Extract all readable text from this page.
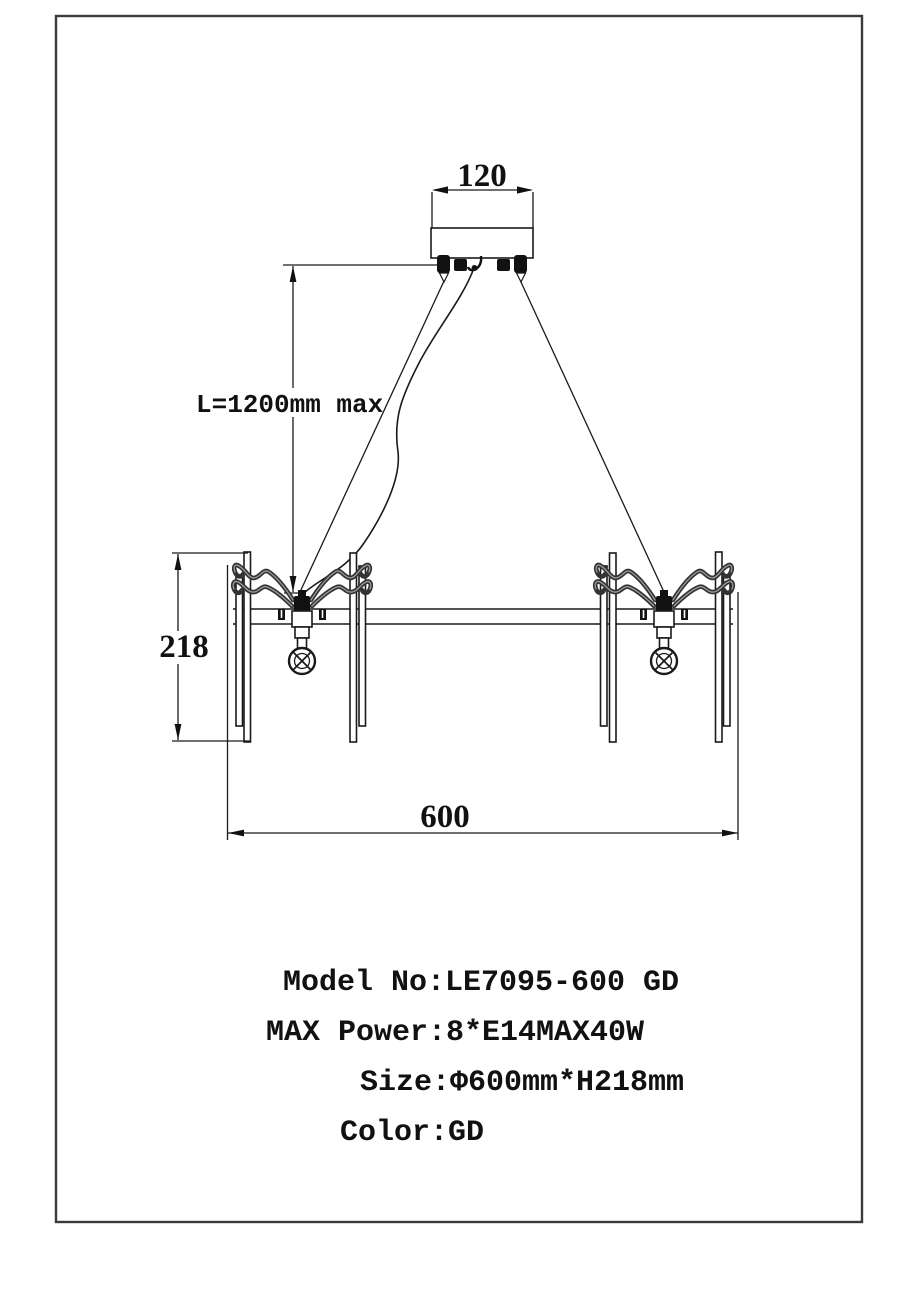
120
L=1200mm max
218
600
Model No:LE7095-600 GD
MAX Power:8*E14MAX40W
Size:Φ600mm*H218mm
Color:GD
